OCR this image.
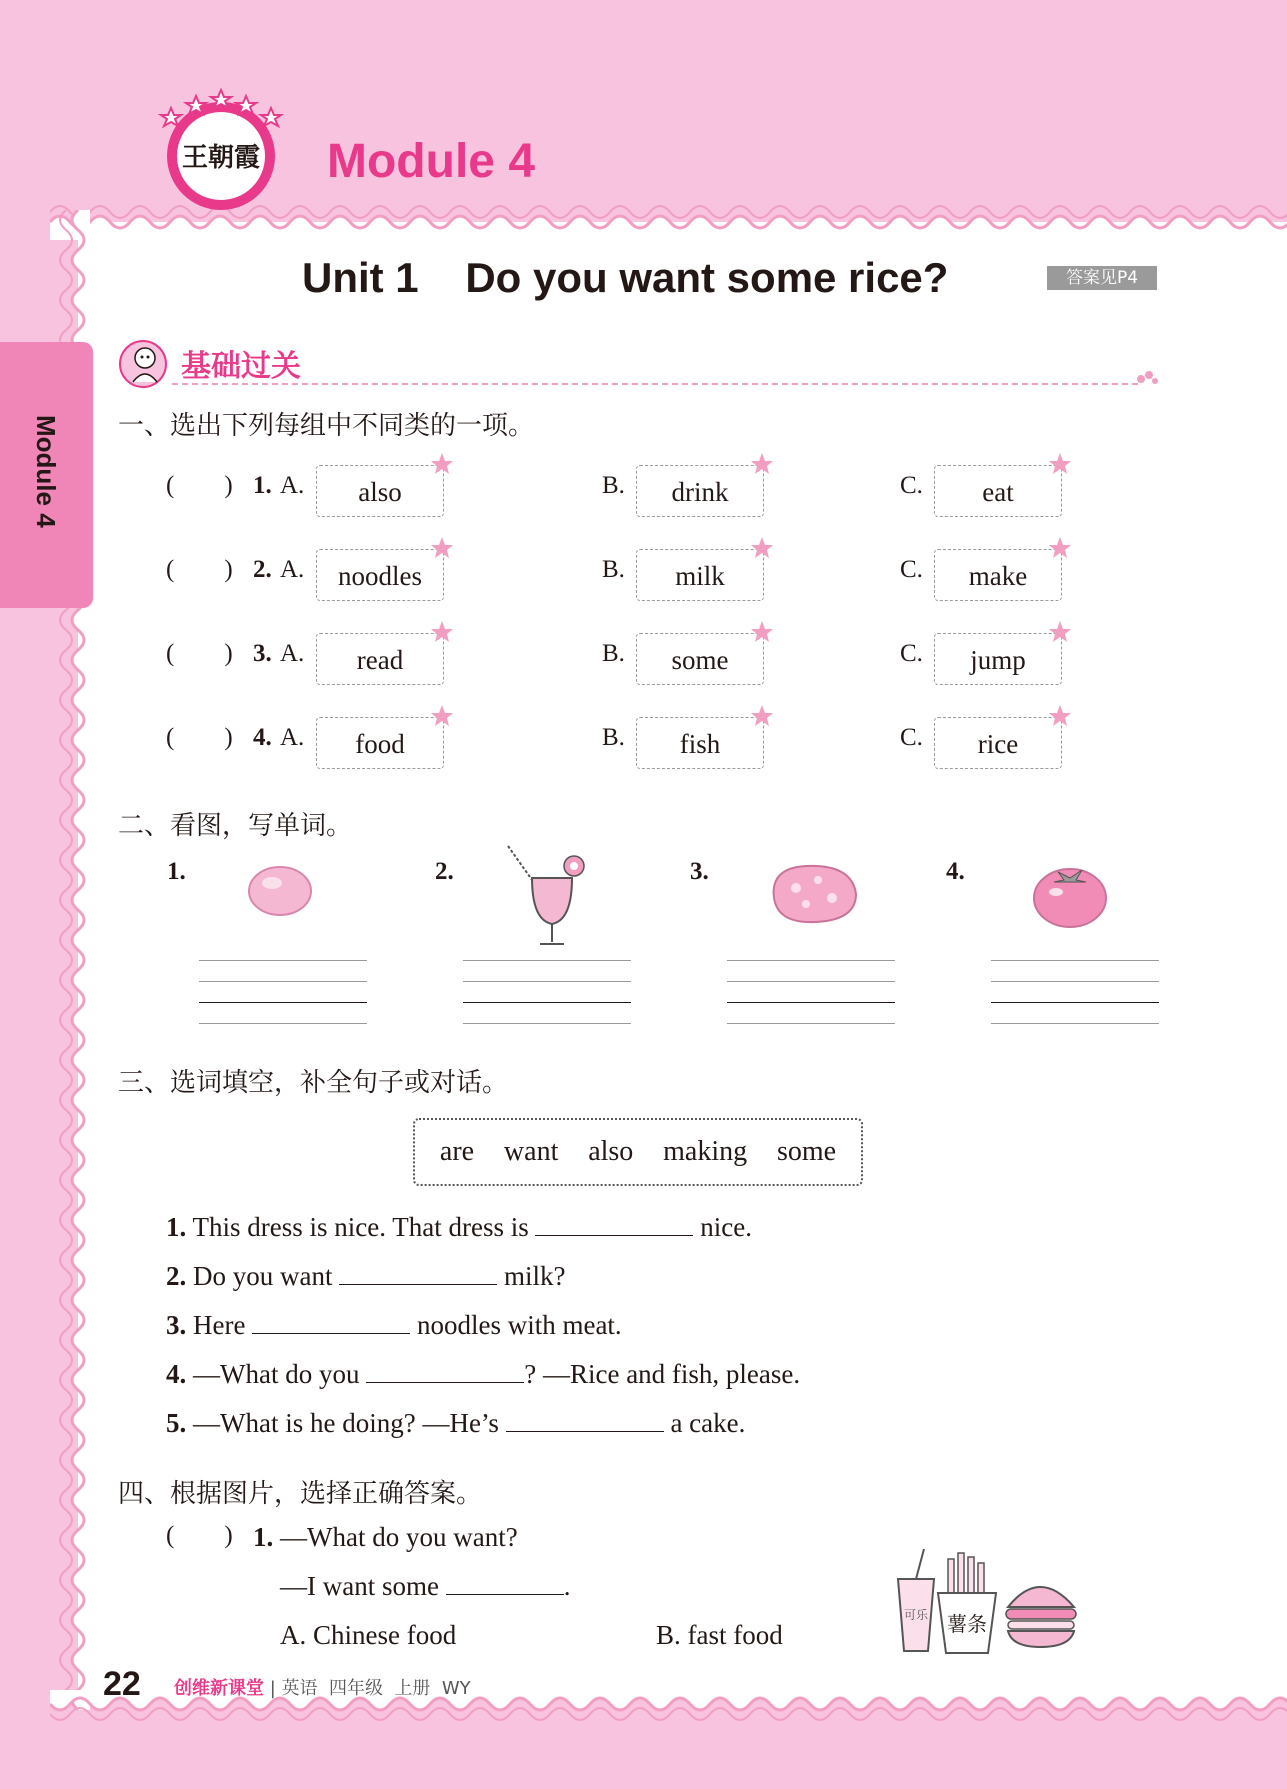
王朝霞 Module 4
Module 4
Unit 1    Do you want some rice?	答案见P4
基础过关
一、选出下列每组中不同类的一项。
(        ) 1. A.	also	B.	drink	C.	eat
(        ) 2. A.	noodles	B.	milk	C.	make
(        ) 3. A.	read	B.	some	C.	jump
(        ) 4. A.	food	B.	fish	C.	rice
二、看图，写单词。
1.	2.	3.	4.
三、选词填空，补全句子或对话。
are want also making some
1. This dress is nice. That dress is	nice.
2. Do you want	milk?
3. Here	noodles with meat.
4. —What do you	? —Rice and fish, please.
5. —What is he doing? —He’s	a cake.
四、根据图片，选择正确答案。
(        ) 1. —What do you want?
—I want some	.
A. Chinese food	B. fast food
可乐 薯条
22 创维新课堂 | 英语  四年级  上册  WY
